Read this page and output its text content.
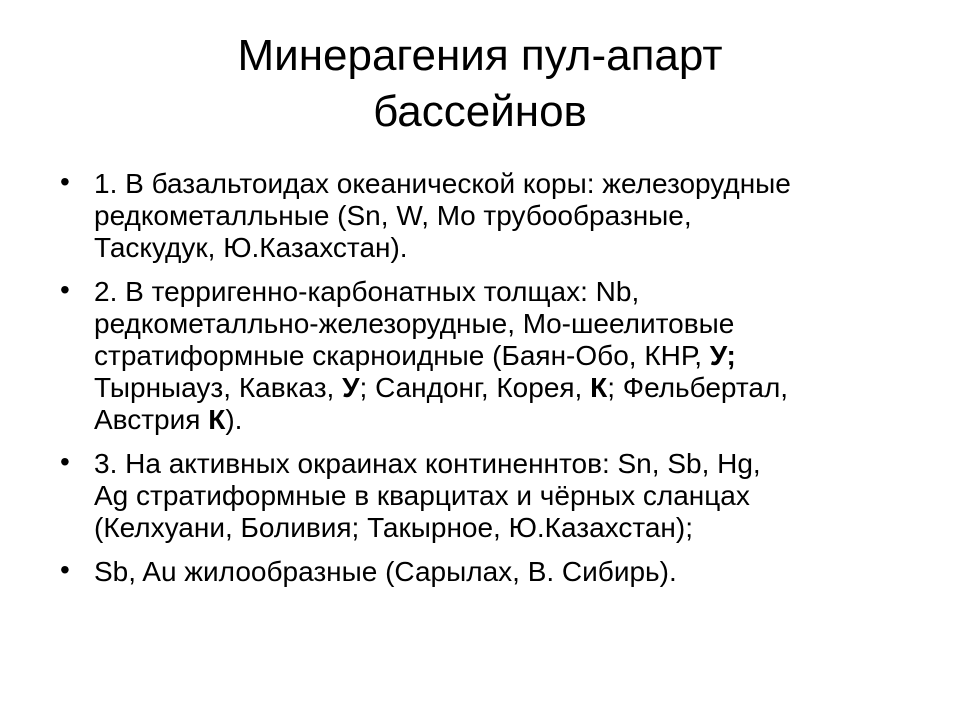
Минерагения пул-апарт
бассейнов
• 1. В базальтоидах океанической коры: железорудные
редкометалльные (Sn, W, Mo трубообразные,
Таскудук, Ю.Казахстан).
• 2. В терригенно-карбонатных толщах: Nb,
редкометалльно-железорудные, Mo-шеелитовые
стратиформные скарноидные (Баян-Обо, КНР, У;
Тырныауз, Кавказ, У; Сандонг, Корея, К; Фельбертал,
Австрия К).
• 3. На активных окраинах континеннтов: Sn, Sb, Hg,
Ag стратиформные в кварцитах и чёрных сланцах
(Келхуани, Боливия; Такырное, Ю.Казахстан);
• Sb, Au жилообразные (Сарылах, В. Сибирь).
